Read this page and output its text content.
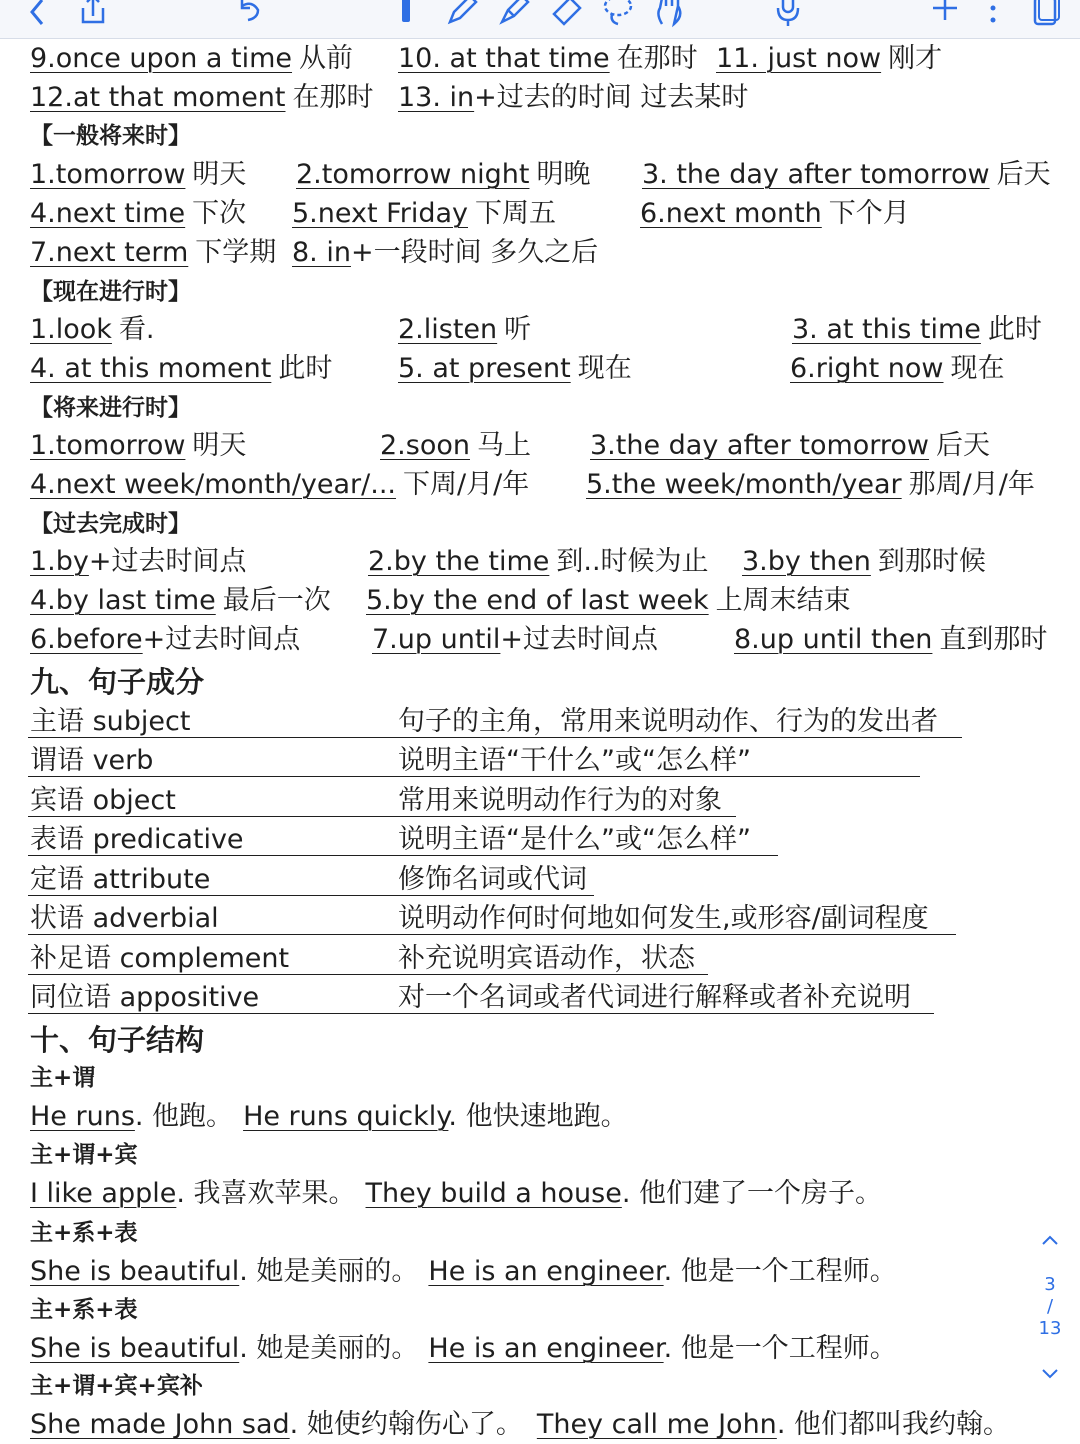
9.once upon a time 从前 10. at that time 在那时 11. just now 刚才
12.at that moment 在那时 13. in+过去的时间 过去某时
【一般将来时】
1.tomorrow 明天 2.tomorrow night 明晚 3. the day after tomorrow 后天
4.next time 下次 5.next Friday 下周五	6.next month 下个月
7.next term 下学期 8. in+一段时间 多久之后
【现在进行时】
1.look 看.	2.listen 听	3. at this time 此时
4. at this moment 此时 5. at present 现在	6.right now 现在
【将来进行时】
1.tomorrow 明天	2.soon 马上 3.the day after tomorrow 后天
4.next week/month/year/... 下周/月/年 5.the week/month/year 那周/月/年
【过去完成时】
1.by+过去时间点	2.by the time 到..时候为止 3.by then 到那时候
4.by last time 最后一次 5.by the end of last week 上周末结束
6.before+过去时间点	7.up until+过去时间点	8.up until then 直到那时
九、句子成分
主语 subject	句子的主角，常用来说明动作、行为的发出者
谓语 verb	说明主语“干什么”或“怎么样”
宾语 object	常用来说明动作行为的对象
表语 predicative	说明主语“是什么”或“怎么样”
定语 attribute	修饰名词或代词
状语 adverbial	说明动作何时何地如何发生,或形容/副词程度
补足语 complement	补充说明宾语动作，状态
同位语 appositive	对一个名词或者代词进行解释或者补充说明
十、句子结构
主+谓
He runs. 他跑。 He runs quickly. 他快速地跑。
主+谓+宾
I like apple. 我喜欢苹果。 They build a house. 他们建了一个房子。
主+系+表
She is beautiful. 她是美丽的。 He is an engineer. 他是一个工程师。
主+系+表
She is beautiful. 她是美丽的。 He is an engineer. 他是一个工程师。
主+谓+宾+宾补
She made John sad. 她使约翰伤心了。 They call me John. 他们都叫我约翰。
3
/
13
